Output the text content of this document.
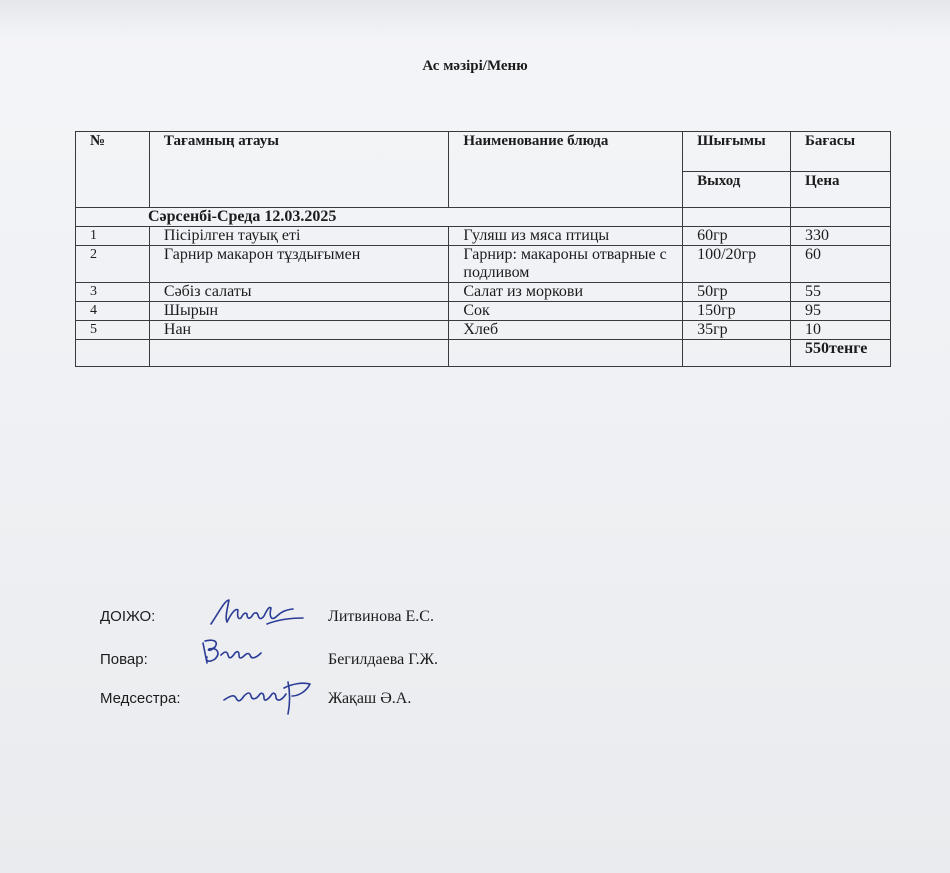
Ас мәзірі/Меню
№	Тағамның атауы	Наименование блюда	Шығымы	Бағасы
			Выход	Цена
Сәрсенбі-Среда 12.03.2025				
1	Пісірілген тауық еті	Гуляш из мяса птицы	60гр	330
2	Гарнир макарон тұздығымен	Гарнир: макароны отварные с подливом	100/20гр	60
3	Сәбіз салаты	Салат из моркови	50гр	55
4	Шырын	Сок	150гр	95
5	Нан	Хлеб	35гр	10
				550тенге
ДОІЖО:	Литвинова Е.С.
Повар:	Бегилдаева Г.Ж.
Медсестра:	Жақаш Ә.А.
